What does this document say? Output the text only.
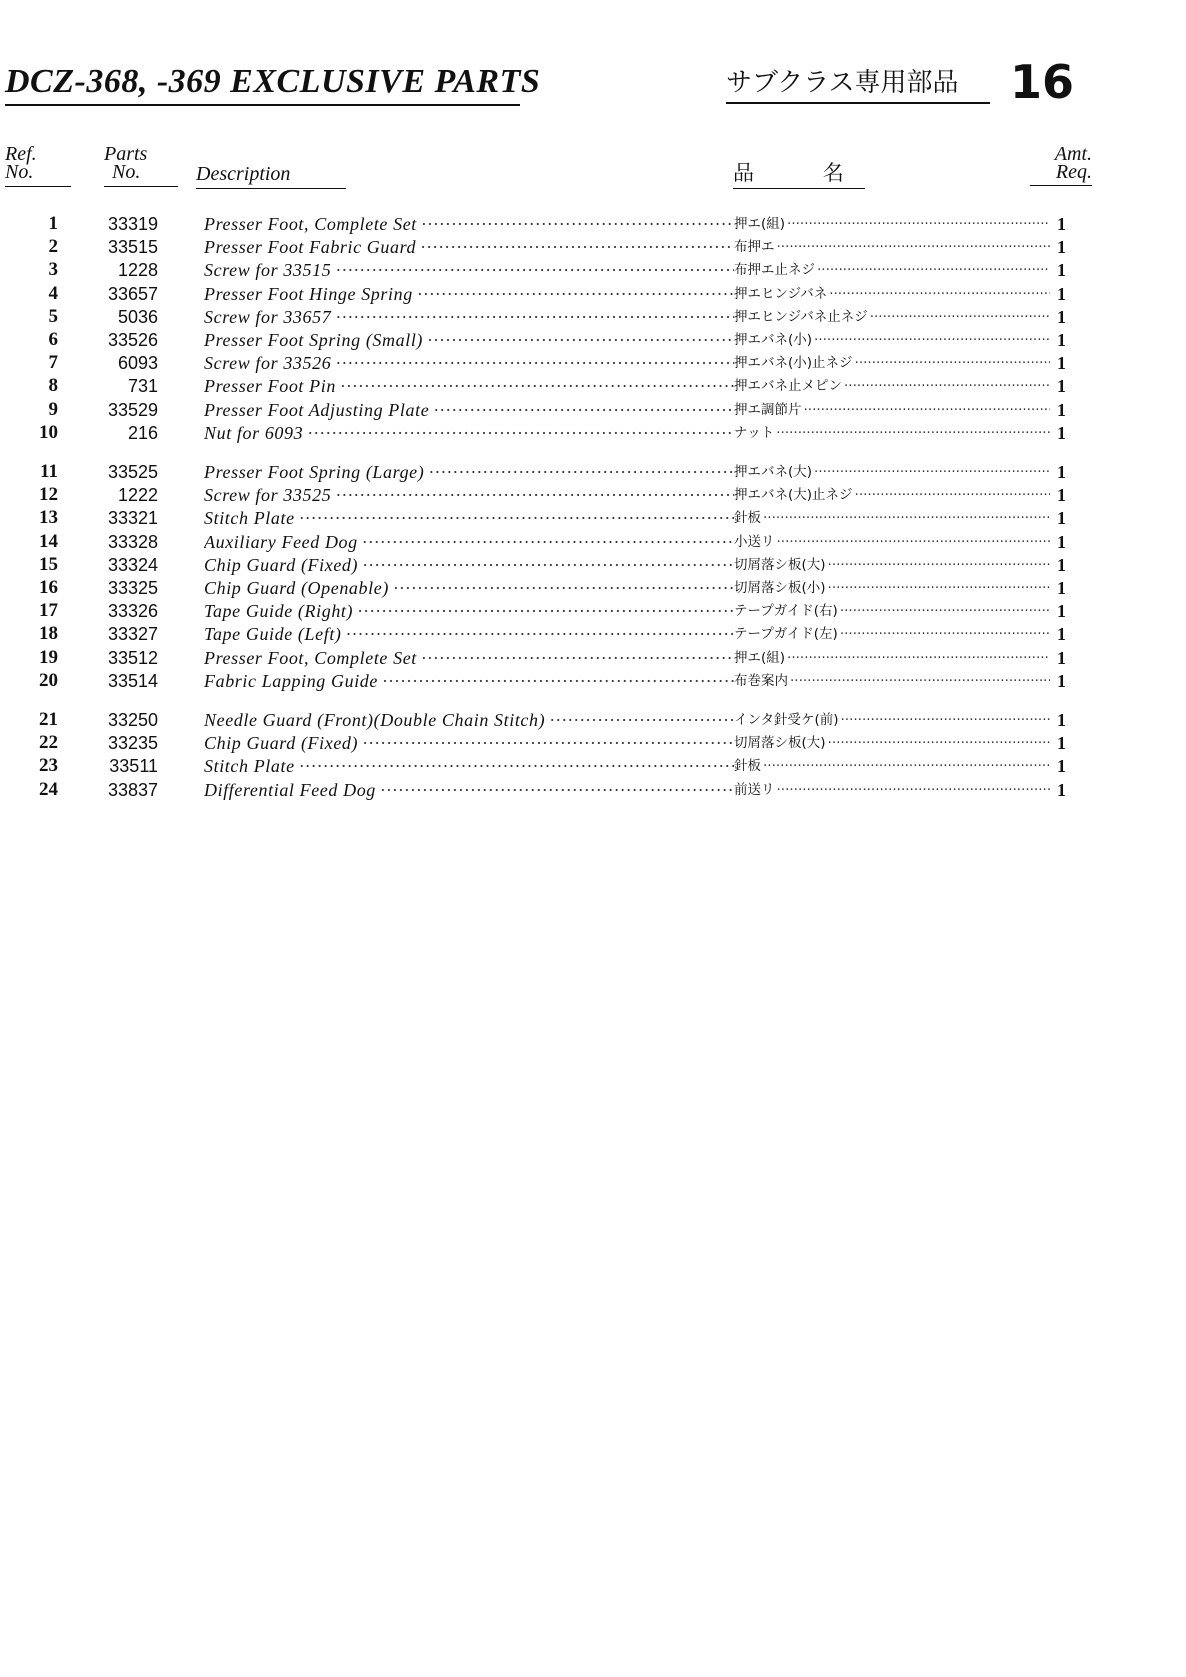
DCZ-368, -369 EXCLUSIVE PARTS	サブクラス専用部品	16
Ref.
No.
Parts
No.	Description	品	名
Amt.
Req.
1	33319	Presser Foot, Complete Set ·····	押エ(組) ·····	1
2	33515	Presser Foot Fabric Guard ·····	布押エ ·····	1
3	1228	Screw for 33515 ·····	布押エ止ネジ ·····	1
4	33657	Presser Foot Hinge Spring ·····	押エヒンジバネ ·····	1
5	5036	Screw for 33657 ·····	押エヒンジバネ止ネジ ·····	1
6	33526	Presser Foot Spring (Small) ·····	押エバネ(小) ·····	1
7	6093	Screw for 33526 ·····	押エバネ(小)止ネジ ·····	1
8	731	Presser Foot Pin ·····	押エバネ止メピン ·····	1
9	33529	Presser Foot Adjusting Plate ·····	押エ調節片 ·····	1
10	216	Nut for 6093 ·····	ナット ·····	1
11	33525	Presser Foot Spring (Large) ·····	押エバネ(大) ·····	1
12	1222	Screw for 33525 ·····	押エバネ(大)止ネジ ·····	1
13	33321	Stitch Plate ·····	針板 ·····	1
14	33328	Auxiliary Feed Dog ·····	小送リ ·····	1
15	33324	Chip Guard (Fixed) ·····	切屑落シ板(大) ·····	1
16	33325	Chip Guard (Openable) ·····	切屑落シ板(小) ·····	1
17	33326	Tape Guide (Right) ·····	テープガイド(右) ·····	1
18	33327	Tape Guide (Left) ·····	テープガイド(左) ·····	1
19	33512	Presser Foot, Complete Set ·····	押エ(組) ·····	1
20	33514	Fabric Lapping Guide ·····	布巻案内 ·····	1
21	33250	Needle Guard (Front)(Double Chain Stitch) ·····	インタ針受ケ(前) ·····	1
22	33235	Chip Guard (Fixed) ·····	切屑落シ板(大) ·····	1
23	33511	Stitch Plate ·····	針板 ·····	1
24	33837	Differential Feed Dog ·····	前送リ ·····	1
